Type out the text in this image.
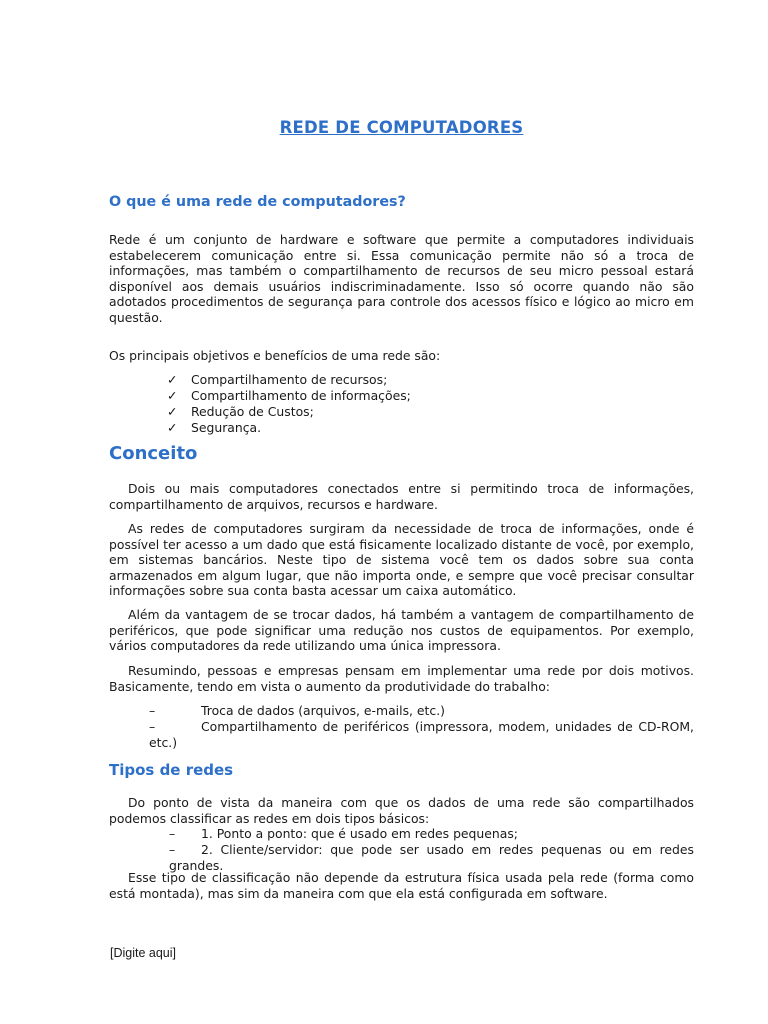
REDE DE COMPUTADORES
O que é uma rede de computadores?

Rede é um conjunto de hardware e software que permite a computadores individuais estabelecerem comunicação entre si. Essa comunicação permite não só a troca de informações, mas também o compartilhamento de recursos de seu micro pessoal estará disponível aos demais usuários indiscriminadamente. Isso só ocorre quando não são adotados procedimentos de segurança para controle dos acessos físico e lógico ao micro em questão.

Os principais objetivos e benefícios de uma rede são:

✓ Compartilhamento de recursos;
✓ Compartilhamento de informações;
✓ Redução de Custos;
✓ Segurança.
Conceito

Dois ou mais computadores conectados entre si permitindo troca de informações, compartilhamento de arquivos, recursos e hardware.

As redes de computadores surgiram da necessidade de troca de informações, onde é possível ter acesso a um dado que está fisicamente localizado distante de você, por exemplo, em sistemas bancários. Neste tipo de sistema você tem os dados sobre sua conta armazenados em algum lugar, que não importa onde, e sempre que você precisar consultar informações sobre sua conta basta acessar um caixa automático.

Além da vantagem de se trocar dados, há também a vantagem de compartilhamento de periféricos, que pode significar uma redução nos custos de equipamentos. Por exemplo, vários computadores da rede utilizando uma única impressora.

Resumindo, pessoas e empresas pensam em implementar uma rede por dois motivos. Basicamente, tendo em vista o aumento da produtividade do trabalho:

–	Troca de dados (arquivos, e-mails, etc.)
–	Compartilhamento de periféricos (impressora, modem, unidades de CD-ROM, etc.)
Tipos de redes

Do ponto de vista da maneira com que os dados de uma rede são compartilhados podemos classificar as redes em dois tipos básicos:

– 1. Ponto a ponto: que é usado em redes pequenas;
– 2. Cliente/servidor: que pode ser usado em redes pequenas ou em redes grandes.

Esse tipo de classificação não depende da estrutura física usada pela rede (forma como está montada), mas sim da maneira com que ela está configurada em software.

[Digite aqui]
